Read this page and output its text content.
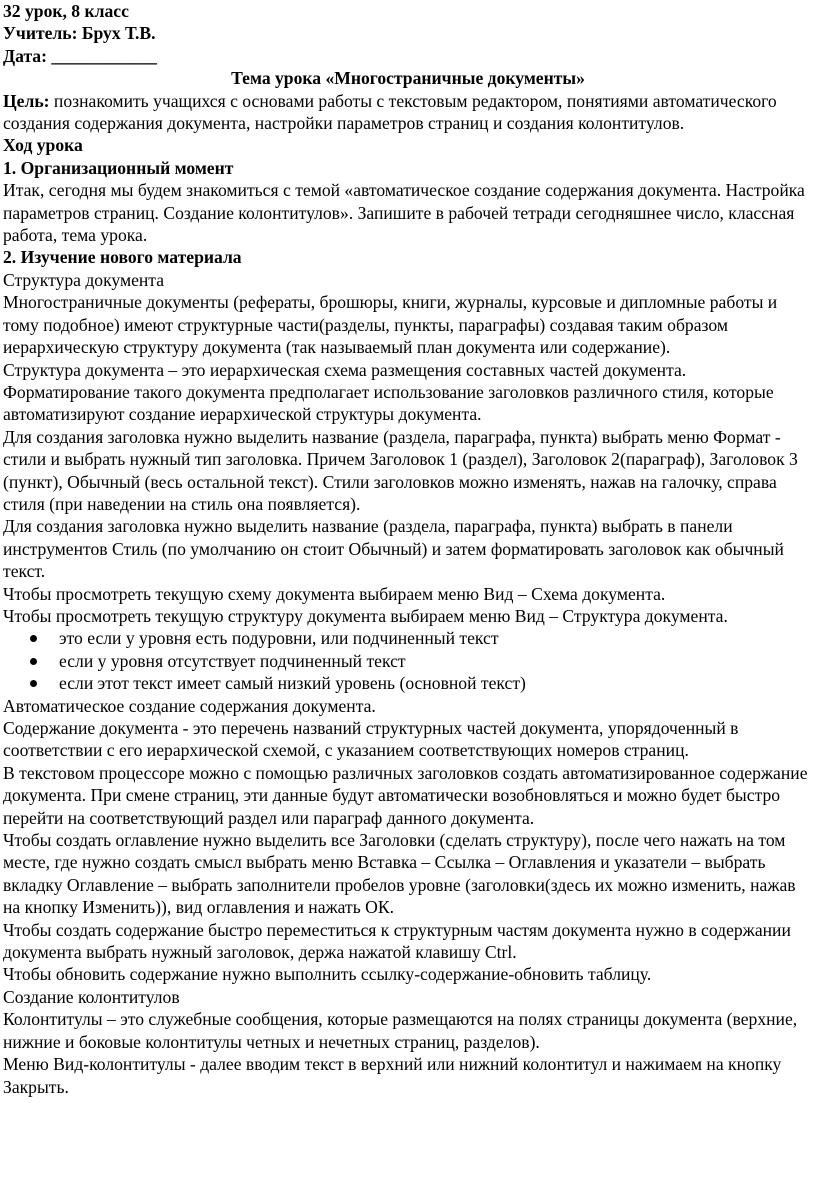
32 урок, 8 класс

Учитель: Брух Т.В.

Дата: ____________

Тема урока «Многостраничные документы»

Цель: познакомить учащихся с основами работы с текстовым редактором, понятиями автоматического создания содержания документа, настройки параметров страниц и создания колонтитулов.

Ход урока

1. Организационный момент

Итак, сегодня мы будем знакомиться с темой «автоматическое создание содержания документа. Настройка параметров страниц. Создание колонтитулов». Запишите в рабочей тетради сегодняшнее число, классная работа, тема урока.

2. Изучение нового материала

Структура документа

Многостраничные документы (рефераты, брошюры, книги, журналы, курсовые и дипломные работы и тому подобное) имеют структурные части(разделы, пункты, параграфы) создавая таким образом иерархическую структуру документа (так называемый план документа или содержание).

Структура документа – это иерархическая схема размещения составных частей документа. Форматирование такого документа предполагает использование заголовков различного стиля, которые автоматизируют создание иерархической структуры документа.

Для создания заголовка нужно выделить название (раздела, параграфа, пункта) выбрать меню Формат - стили и выбрать нужный тип заголовка. Причем Заголовок 1 (раздел), Заголовок 2(параграф), Заголовок 3 (пункт), Обычный (весь остальной текст). Стили заголовков можно изменять, нажав на галочку, справа стиля (при наведении на стиль она появляется).

Для создания заголовка нужно выделить название (раздела, параграфа, пункта) выбрать в панели инструментов Стиль (по умолчанию он стоит Обычный) и затем форматировать заголовок как обычный текст.

Чтобы просмотреть текущую схему документа выбираем меню Вид – Схема документа.

Чтобы просмотреть текущую структуру документа выбираем меню Вид – Структура документа.

это если у уровня есть подуровни, или подчиненный текст
если у уровня отсутствует подчиненный текст
если этот текст имеет самый низкий уровень (основной текст)

Автоматическое создание содержания документа.

Содержание документа - это перечень названий структурных частей документа, упорядоченный в соответствии с его иерархической схемой, с указанием соответствующих номеров страниц.

В текстовом процессоре можно с помощью различных заголовков создать автоматизированное содержание документа. При смене страниц, эти данные будут автоматически возобновляться и можно будет быстро перейти на соответствующий раздел или параграф данного документа.

Чтобы создать оглавление нужно выделить все Заголовки (сделать структуру), после чего нажать на том месте, где нужно создать смысл выбрать меню Вставка – Ссылка – Оглавления и указатели – выбрать вкладку Оглавление – выбрать заполнители пробелов уровне (заголовки(здесь их можно изменить, нажав на кнопку Изменить)), вид оглавления и нажать ОК.

Чтобы создать содержание быстро переместиться к структурным частям документа нужно в содержании документа выбрать нужный заголовок, держа нажатой клавишу Ctrl.

Чтобы обновить содержание нужно выполнить ссылку-содержание-обновить таблицу.

Создание колонтитулов

Колонтитулы – это служебные сообщения, которые размещаются на полях страницы документа (верхние, нижние и боковые колонтитулы четных и нечетных страниц, разделов).

Меню Вид-колонтитулы - далее вводим текст в верхний или нижний колонтитул и нажимаем на кнопку Закрыть.
